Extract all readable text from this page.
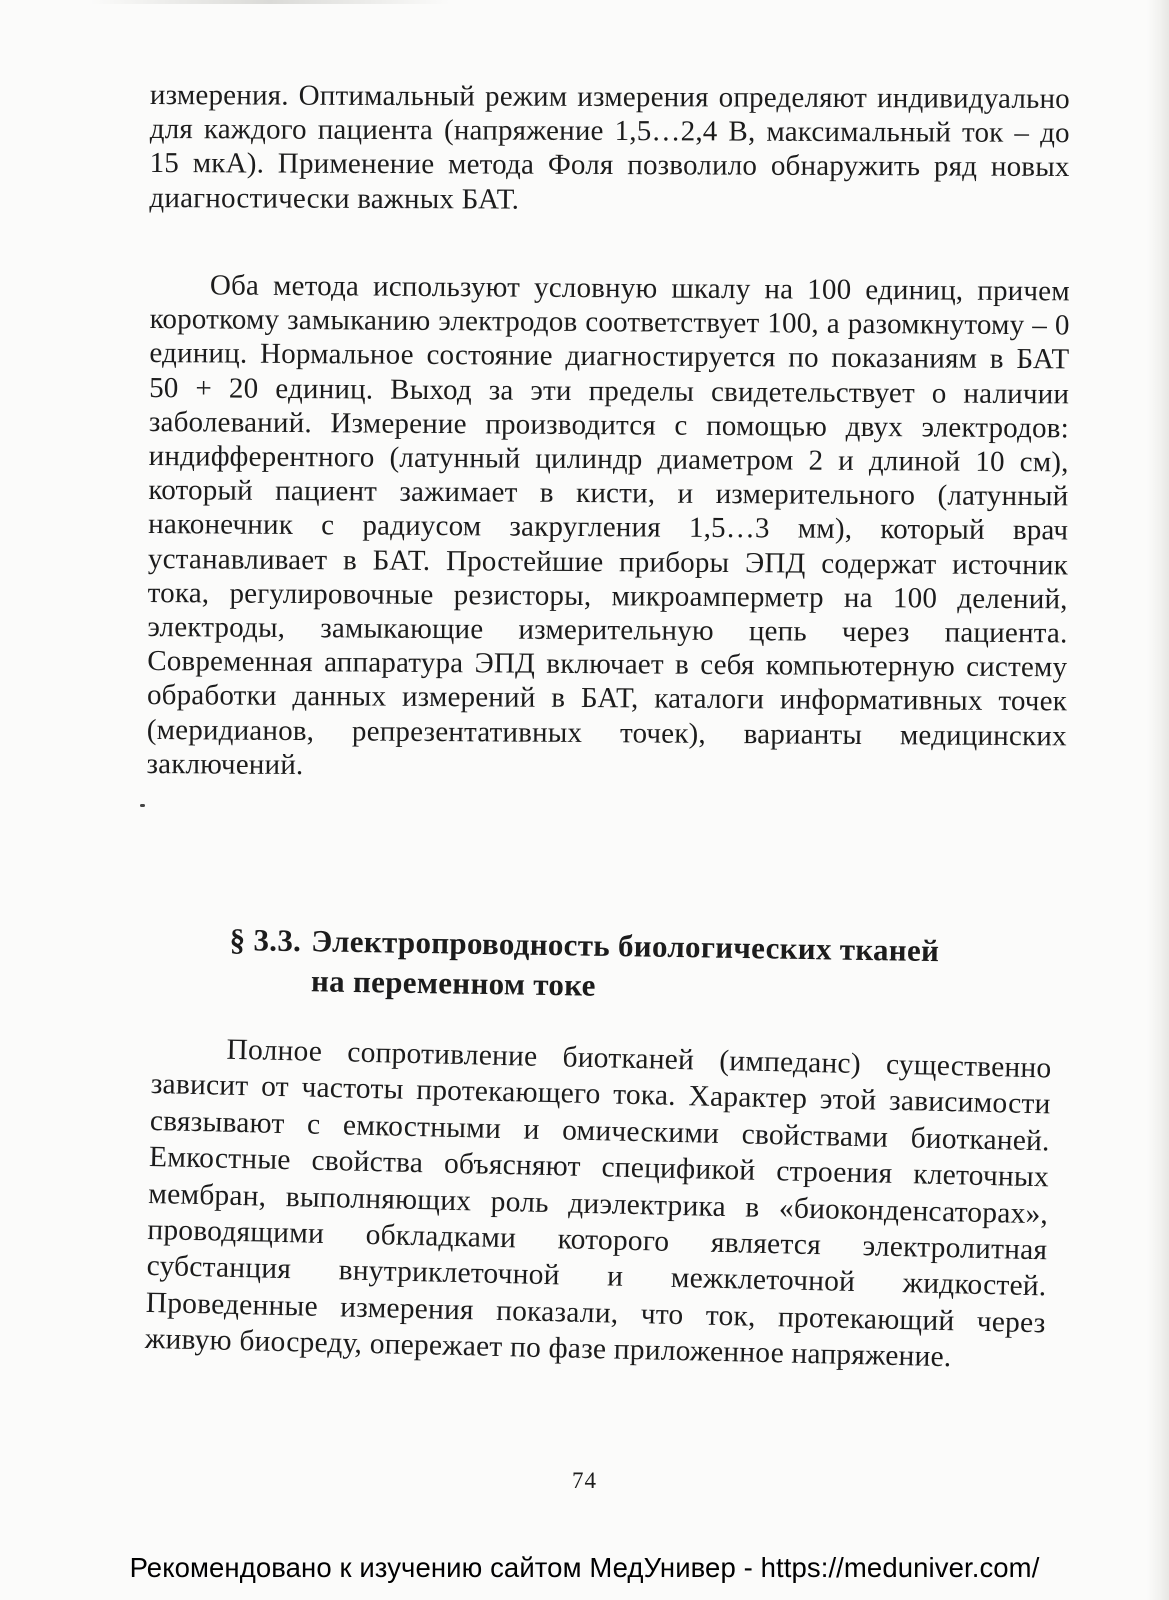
измерения. Оптимальный режим измерения определяют индивидуально для каждого пациента (напряжение 1,5…2,4 В, максимальный ток – до 15 мкА). Применение метода Фоля позволило обнаружить ряд новых диагностически важных БАТ.

Оба метода используют условную шкалу на 100 единиц, причем короткому замыканию электродов соответствует 100, а разомкнутому – 0 единиц. Нормальное состояние диагностируется по показаниям в БАТ 50 + 20 единиц. Выход за эти пределы свидетельствует о наличии заболеваний. Измерение производится с помощью двух электродов: индифферентного (латунный цилиндр диаметром 2 и длиной 10 см), который пациент зажимает в кисти, и измерительного (латунный наконечник с радиусом закругления 1,5…3 мм), который врач устанавливает в БАТ. Простейшие приборы ЭПД содержат источник тока, регулировочные резисторы, микроамперметр на 100 делений, электроды, замыкающие измерительную цепь через пациента. Современная аппаратура ЭПД включает в себя компьютерную систему обработки данных измерений в БАТ, каталоги информативных точек (меридианов, репрезентативных точек), варианты медицинских заключений.

§ 3.3. Электропроводность биологических тканей
на переменном токе

Полное сопротивление биотканей (импеданс) существенно зависит от частоты протекающего тока. Характер этой зависимости связывают с емкостными и омическими свойствами биотканей. Емкостные свойства объясняют спецификой строения клеточных мембран, выполняющих роль диэлектрика в «биоконденсаторах», проводящими обкладками которого является электролитная субстанция внутриклеточной и межклеточной жидкостей. Проведенные измерения показали, что ток, протекающий через живую биосреду, опережает по фазе приложенное напряжение.

74
Рекомендовано к изучению сайтом МедУнивер - https://meduniver.com/
